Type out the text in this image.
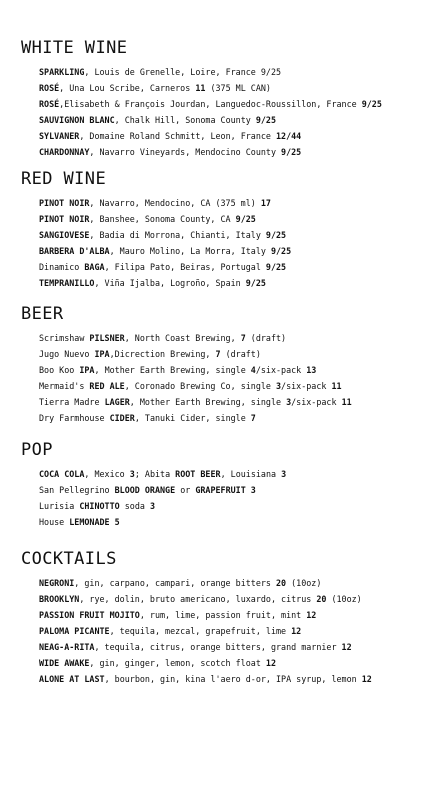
WHITE WINE
SPARKLING, Louis de Grenelle, Loire, France 9/25
ROSÉ, Una Lou Scribe, Carneros 11 (375 ML CAN)
ROSÉ,Elisabeth & François Jourdan, Languedoc-Roussillon, France 9/25
SAUVIGNON BLANC, Chalk Hill, Sonoma County 9/25
SYLVANER, Domaine Roland Schmitt, Leon, France 12/44
CHARDONNAY, Navarro Vineyards, Mendocino County 9/25
RED WINE
PINOT NOIR, Navarro, Mendocino, CA (375 ml) 17
PINOT NOIR, Banshee, Sonoma County, CA 9/25
SANGIOVESE, Badia di Morrona, Chianti, Italy 9/25
BARBERA D'ALBA, Mauro Molino, La Morra, Italy 9/25
Dinamico BAGA, Filipa Pato, Beiras, Portugal 9/25
TEMPRANILLO, Viña Ijalba, Logroño, Spain 9/25
BEER
Scrimshaw PILSNER, North Coast Brewing, 7 (draft)
Jugo Nuevo IPA,Dicrection Brewing, 7 (draft)
Boo Koo IPA, Mother Earth Brewing, single 4/six-pack 13
Mermaid's RED ALE, Coronado Brewing Co, single 3/six-pack 11
Tierra Madre LAGER, Mother Earth Brewing, single 3/six-pack 11
Dry Farmhouse CIDER, Tanuki Cider, single 7
POP
COCA COLA, Mexico 3; Abita ROOT BEER, Louisiana 3
San Pellegrino BLOOD ORANGE or GRAPEFRUIT 3
Lurisia CHINOTTO soda 3
House LEMONADE 5
COCKTAILS
NEGRONI, gin, carpano, campari, orange bitters 20 (10oz)
BROOKLYN, rye, dolin, bruto americano, luxardo, citrus 20 (10oz)
PASSION FRUIT MOJITO, rum, lime, passion fruit, mint 12
PALOMA PICANTE, tequila, mezcal, grapefruit, lime 12
NEAG-A-RITA, tequila, citrus, orange bitters, grand marnier 12
WIDE AWAKE, gin, ginger, lemon, scotch float 12
ALONE AT LAST, bourbon, gin, kina l'aero d-or, IPA syrup, lemon 12
